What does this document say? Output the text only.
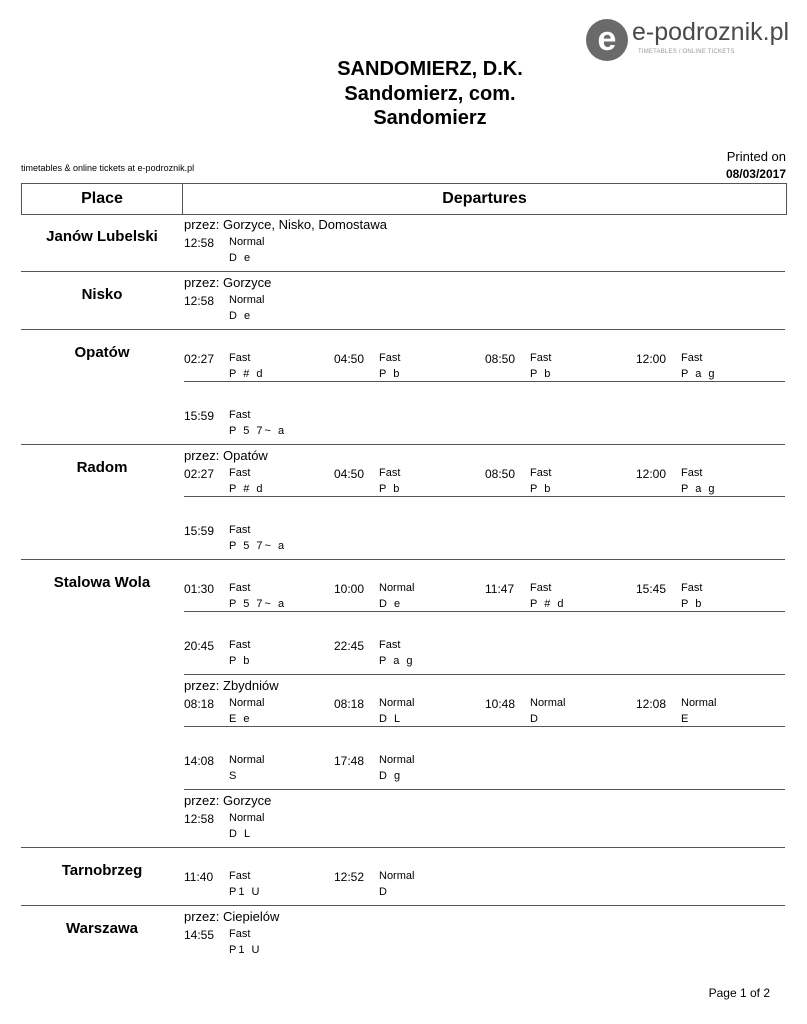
e e-podroznik.pl
TIMETABLES / ONLINE TICKETS
SANDOMIERZ, D.K.
Sandomierz, com.
Sandomierz
timetables & online tickets at e-podroznik.pl
Printed on
08/03/2017
Place	Departures
przez: Gorzyce, Nisko, Domostawa
12:58 Normal
D e
Janów Lubelski
przez: Gorzyce
12:58 Normal
D e
Nisko
02:27 Fast
P # d
04:50 Fast
P b
08:50 Fast
P b
12:00 Fast
P a g
15:59 Fast
P 5 7~ a
Opatów
przez: Opatów
02:27 Fast
P # d
04:50 Fast
P b
08:50 Fast
P b
12:00 Fast
P a g
15:59 Fast
P 5 7~ a
Radom
01:30 Fast
P 5 7~ a
10:00 Normal
D e
11:47 Fast
P # d
15:45 Fast
P b
20:45 Fast
P b
22:45 Fast
P a g
przez: Zbydniów
08:18 Normal
E e
08:18 Normal
D L
10:48 Normal
D
12:08 Normal
E
14:08 Normal
S
17:48 Normal
D g
przez: Gorzyce
12:58 Normal
D L
Stalowa Wola
11:40 Fast
P1 U
12:52 Normal
D
Tarnobrzeg
przez: Ciepielów
14:55 Fast
P1 U
Warszawa
Page 1 of 2
